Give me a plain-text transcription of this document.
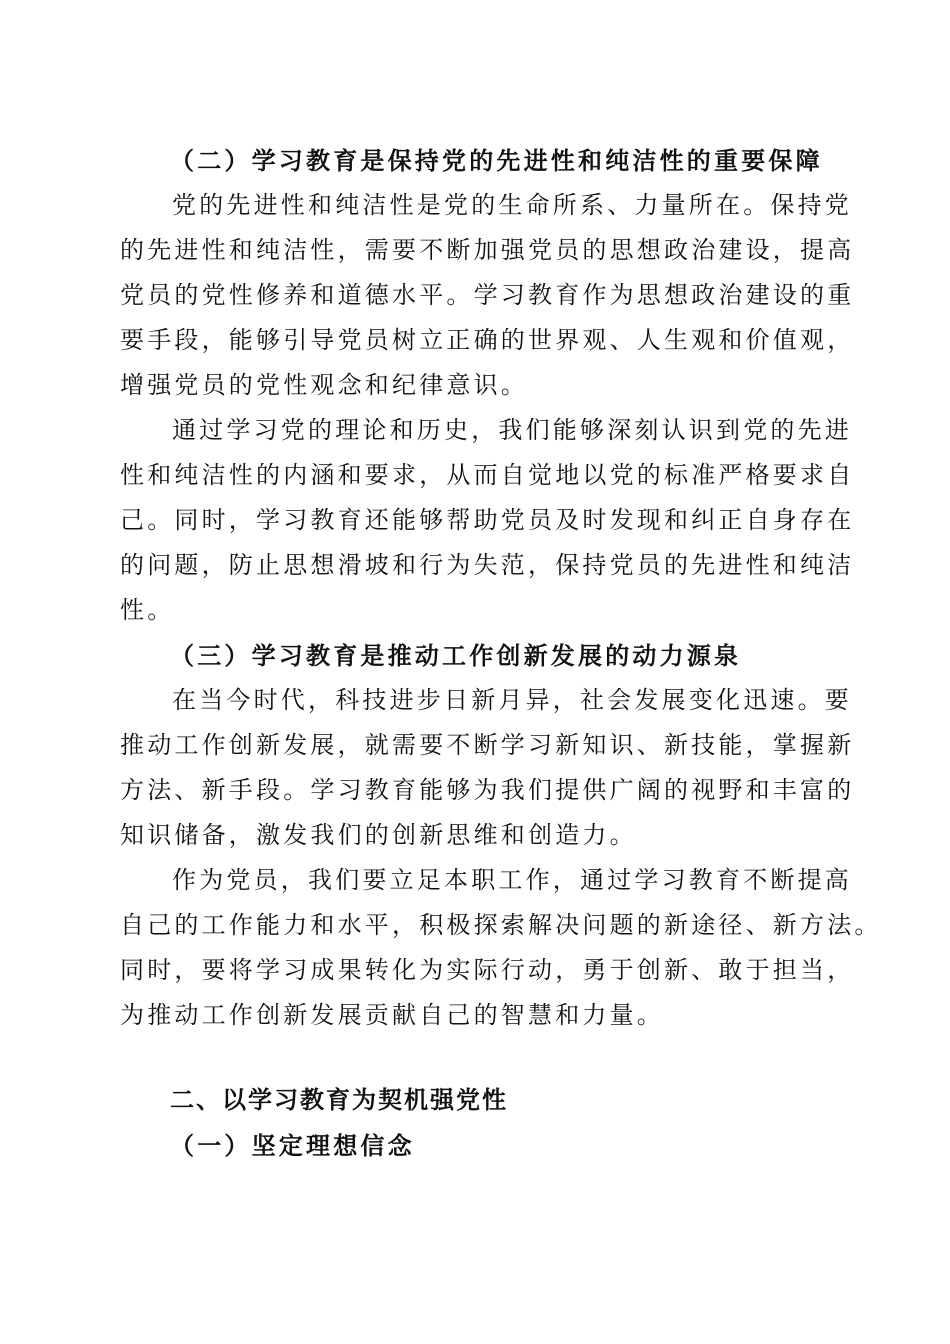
（二）学习教育是保持党的先进性和纯洁性的重要保障
党的先进性和纯洁性是党的生命所系、力量所在。保持党
的先进性和纯洁性，需要不断加强党员的思想政治建设，提高
党员的党性修养和道德水平。学习教育作为思想政治建设的重
要手段，能够引导党员树立正确的世界观、人生观和价值观，
增强党员的党性观念和纪律意识。
通过学习党的理论和历史，我们能够深刻认识到党的先进
性和纯洁性的内涵和要求，从而自觉地以党的标准严格要求自
己。同时，学习教育还能够帮助党员及时发现和纠正自身存在
的问题，防止思想滑坡和行为失范，保持党员的先进性和纯洁
性。
（三）学习教育是推动工作创新发展的动力源泉
在当今时代，科技进步日新月异，社会发展变化迅速。要
推动工作创新发展，就需要不断学习新知识、新技能，掌握新
方法、新手段。学习教育能够为我们提供广阔的视野和丰富的
知识储备，激发我们的创新思维和创造力。
作为党员，我们要立足本职工作，通过学习教育不断提高
自己的工作能力和水平，积极探索解决问题的新途径、新方法。
同时，要将学习成果转化为实际行动，勇于创新、敢于担当，
为推动工作创新发展贡献自己的智慧和力量。
二、以学习教育为契机强党性
（一）坚定理想信念
